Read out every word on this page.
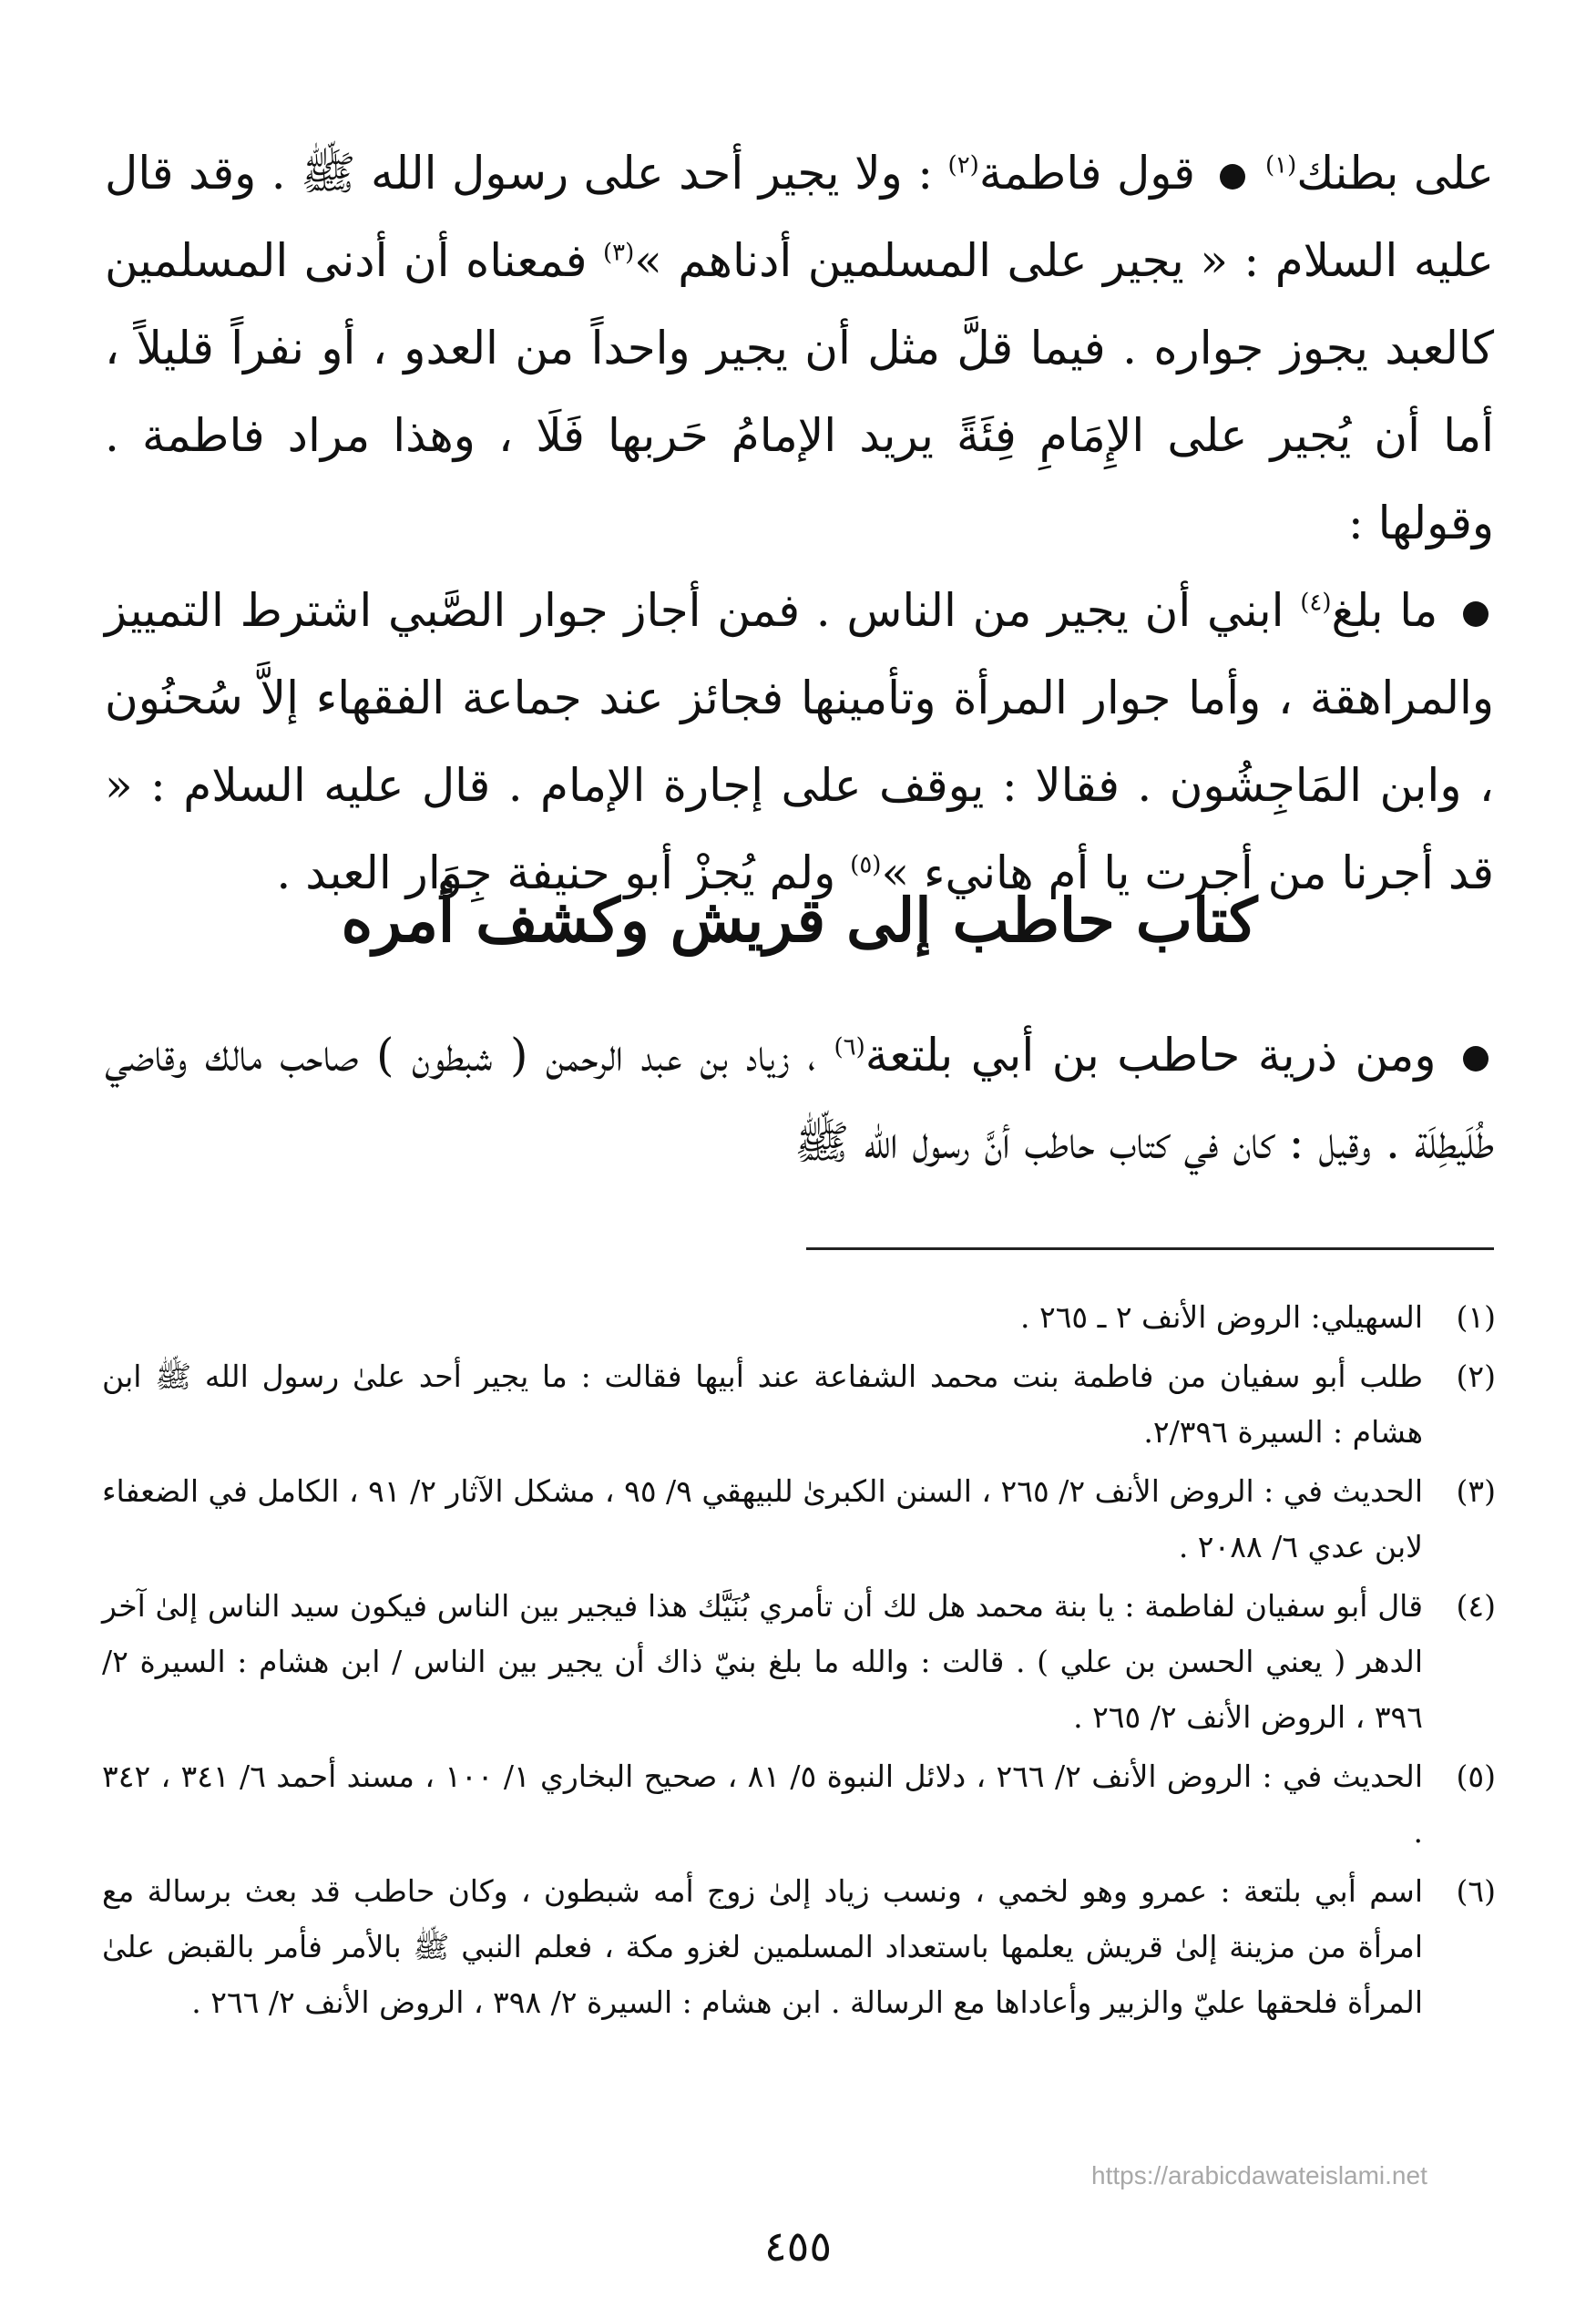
على بطنك$^{(١)}$  قول فاطمة$^{(٢)}$ : ولا يجير أحد على رسول الله ﷺ . وقد قال عليه السلام : « يجير على المسلمين أدناهم »$^{(٣)}$ فمعناه أن أدنى المسلمين كالعبد يجوز جواره . فيما قلَّ مثل أن يجير واحداً من العدو ، أو نفراً قليلاً ، أما أن يُجير على الإِمَامِ فِئَةً يريد الإمامُ حَربها فَلَا ، وهذا مراد فاطمة . وقولها :

ما بلغ$^{(٤)}$ ابني أن يجير من الناس . فمن أجاز جوار الصَّبي اشترط التمييز والمراهقة ، وأما جوار المرأة وتأمينها فجائز عند جماعة الفقهاء إلاَّ سُحنُون ، وابن المَاجِشُون . فقالا : يوقف على إجارة الإمام . قال عليه السلام : « قد أجرنا من أجرت يا أم هانيء »$^{(٥)}$ ولم يُجزْ أبو حنيفة جِوَار العبد .

كتاب حاطب إلى قريش وكشف أمره

ومن ذرية حاطب بن أبي بلتعة$^{(٦)}$ ، زياد بن عبد الرحمن ( شبطون ) صاحب مالك وقاضي طُلَيطِلَة . وقيل : كان في كتاب حاطب أنَّ رسول الله ﷺ

(١)
السهيلي: الروض الأنف ٢ ـ ٢٦٥ .
(٢)
طلب أبو سفيان من فاطمة بنت محمد الشفاعة عند أبيها فقالت : ما يجير أحد علىٰ رسول الله ﷺ ابن هشام : السيرة ٢/٣٩٦.
(٣)
الحديث في : الروض الأنف ٢/ ٢٦٥ ، السنن الكبرىٰ للبيهقي ٩/ ٩٥ ، مشكل الآثار ٢/ ٩١ ، الكامل في الضعفاء لابن عدي ٦/ ٢٠٨٨ .
(٤)
قال أبو سفيان لفاطمة : يا بنة محمد هل لك أن تأمري بُنَيَّك هذا فيجير بين الناس فيكون سيد الناس إلىٰ آخر الدهر ( يعني الحسن بن علي ) . قالت : والله ما بلغ بنيّ ذاك أن يجير بين الناس / ابن هشام : السيرة ٢/ ٣٩٦ ، الروض الأنف ٢/ ٢٦٥ .
(٥)
الحديث في : الروض الأنف ٢/ ٢٦٦ ، دلائل النبوة ٥/ ٨١ ، صحيح البخاري ١/ ١٠٠ ، مسند أحمد ٦/ ٣٤١ ، ٣٤٢ .
(٦)
اسم أبي بلتعة : عمرو وهو لخمي ، ونسب زياد إلىٰ زوج أمه شبطون ، وكان حاطب قد بعث برسالة مع امرأة من مزينة إلىٰ قريش يعلمها باستعداد المسلمين لغزو مكة ، فعلم النبي ﷺ بالأمر فأمر بالقبض علىٰ المرأة فلحقها عليّ والزبير وأعاداها مع الرسالة . ابن هشام : السيرة ٢/ ٣٩٨ ، الروض الأنف ٢/ ٢٦٦ .
https://arabicdawateislami.net
٤٥٥
